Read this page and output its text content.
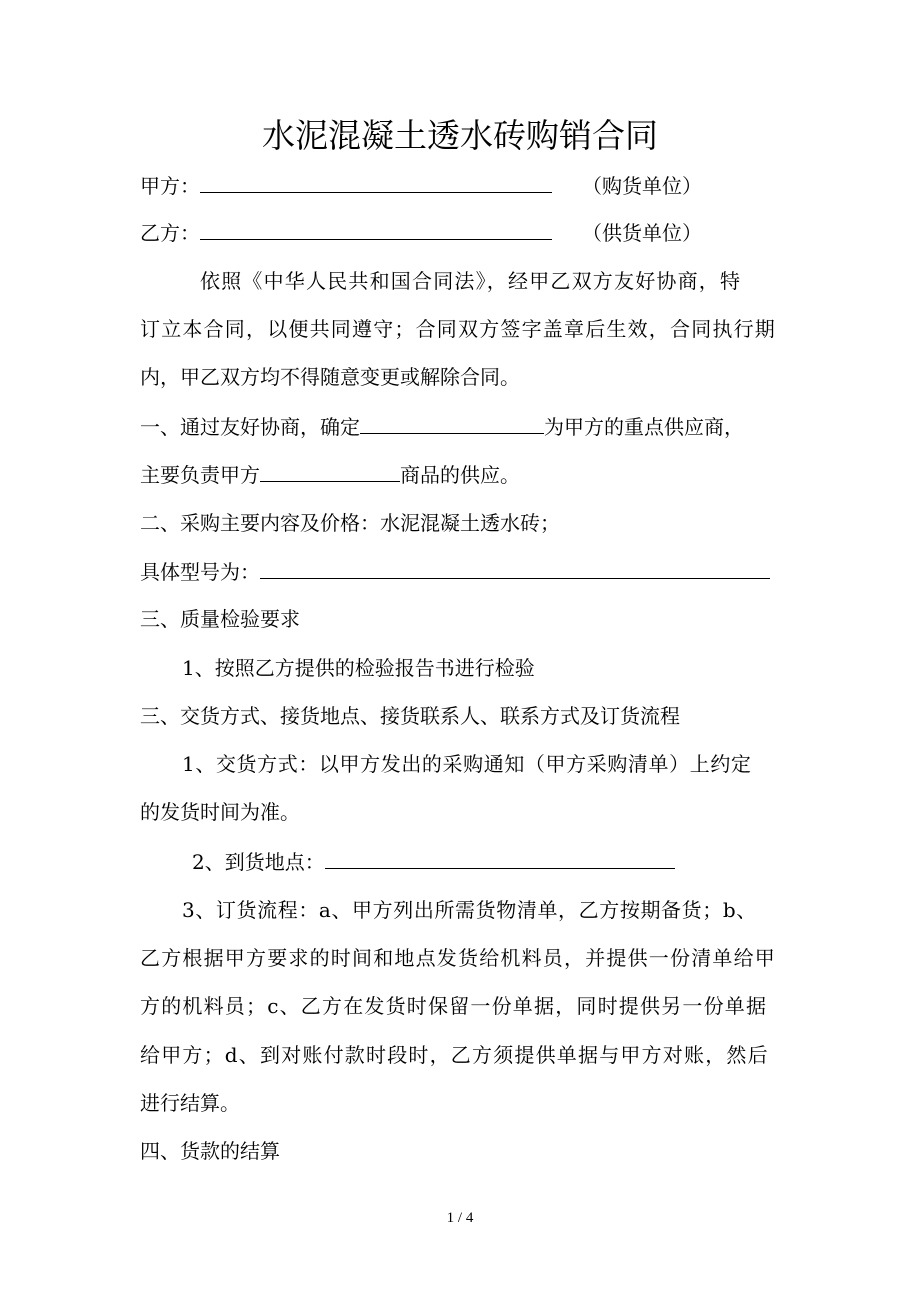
水泥混凝土透水砖购销合同
甲方：	（购货单位）
乙方：	（供货单位）
依照《中华人民共和国合同法》，经甲乙双方友好协商，特
订立本合同，以便共同遵守；合同双方签字盖章后生效，合同执行期
内，甲乙双方均不得随意变更或解除合同。
一、通过友好协商，确定	为甲方的重点供应商，
主要负责甲方	商品的供应。
二、采购主要内容及价格：水泥混凝土透水砖；
具体型号为：
三、质量检验要求
1、按照乙方提供的检验报告书进行检验
三、交货方式、接货地点、接货联系人、联系方式及订货流程
1、交货方式：以甲方发出的采购通知（甲方采购清单）上约定
的发货时间为准。
2、到货地点：
3、订货流程：a、甲方列出所需货物清单，乙方按期备货；b、
乙方根据甲方要求的时间和地点发货给机料员，并提供一份清单给甲
方的机料员；c、乙方在发货时保留一份单据，同时提供另一份单据
给甲方；d、到对账付款时段时，乙方须提供单据与甲方对账，然后
进行结算。
四、货款的结算
1 / 4
